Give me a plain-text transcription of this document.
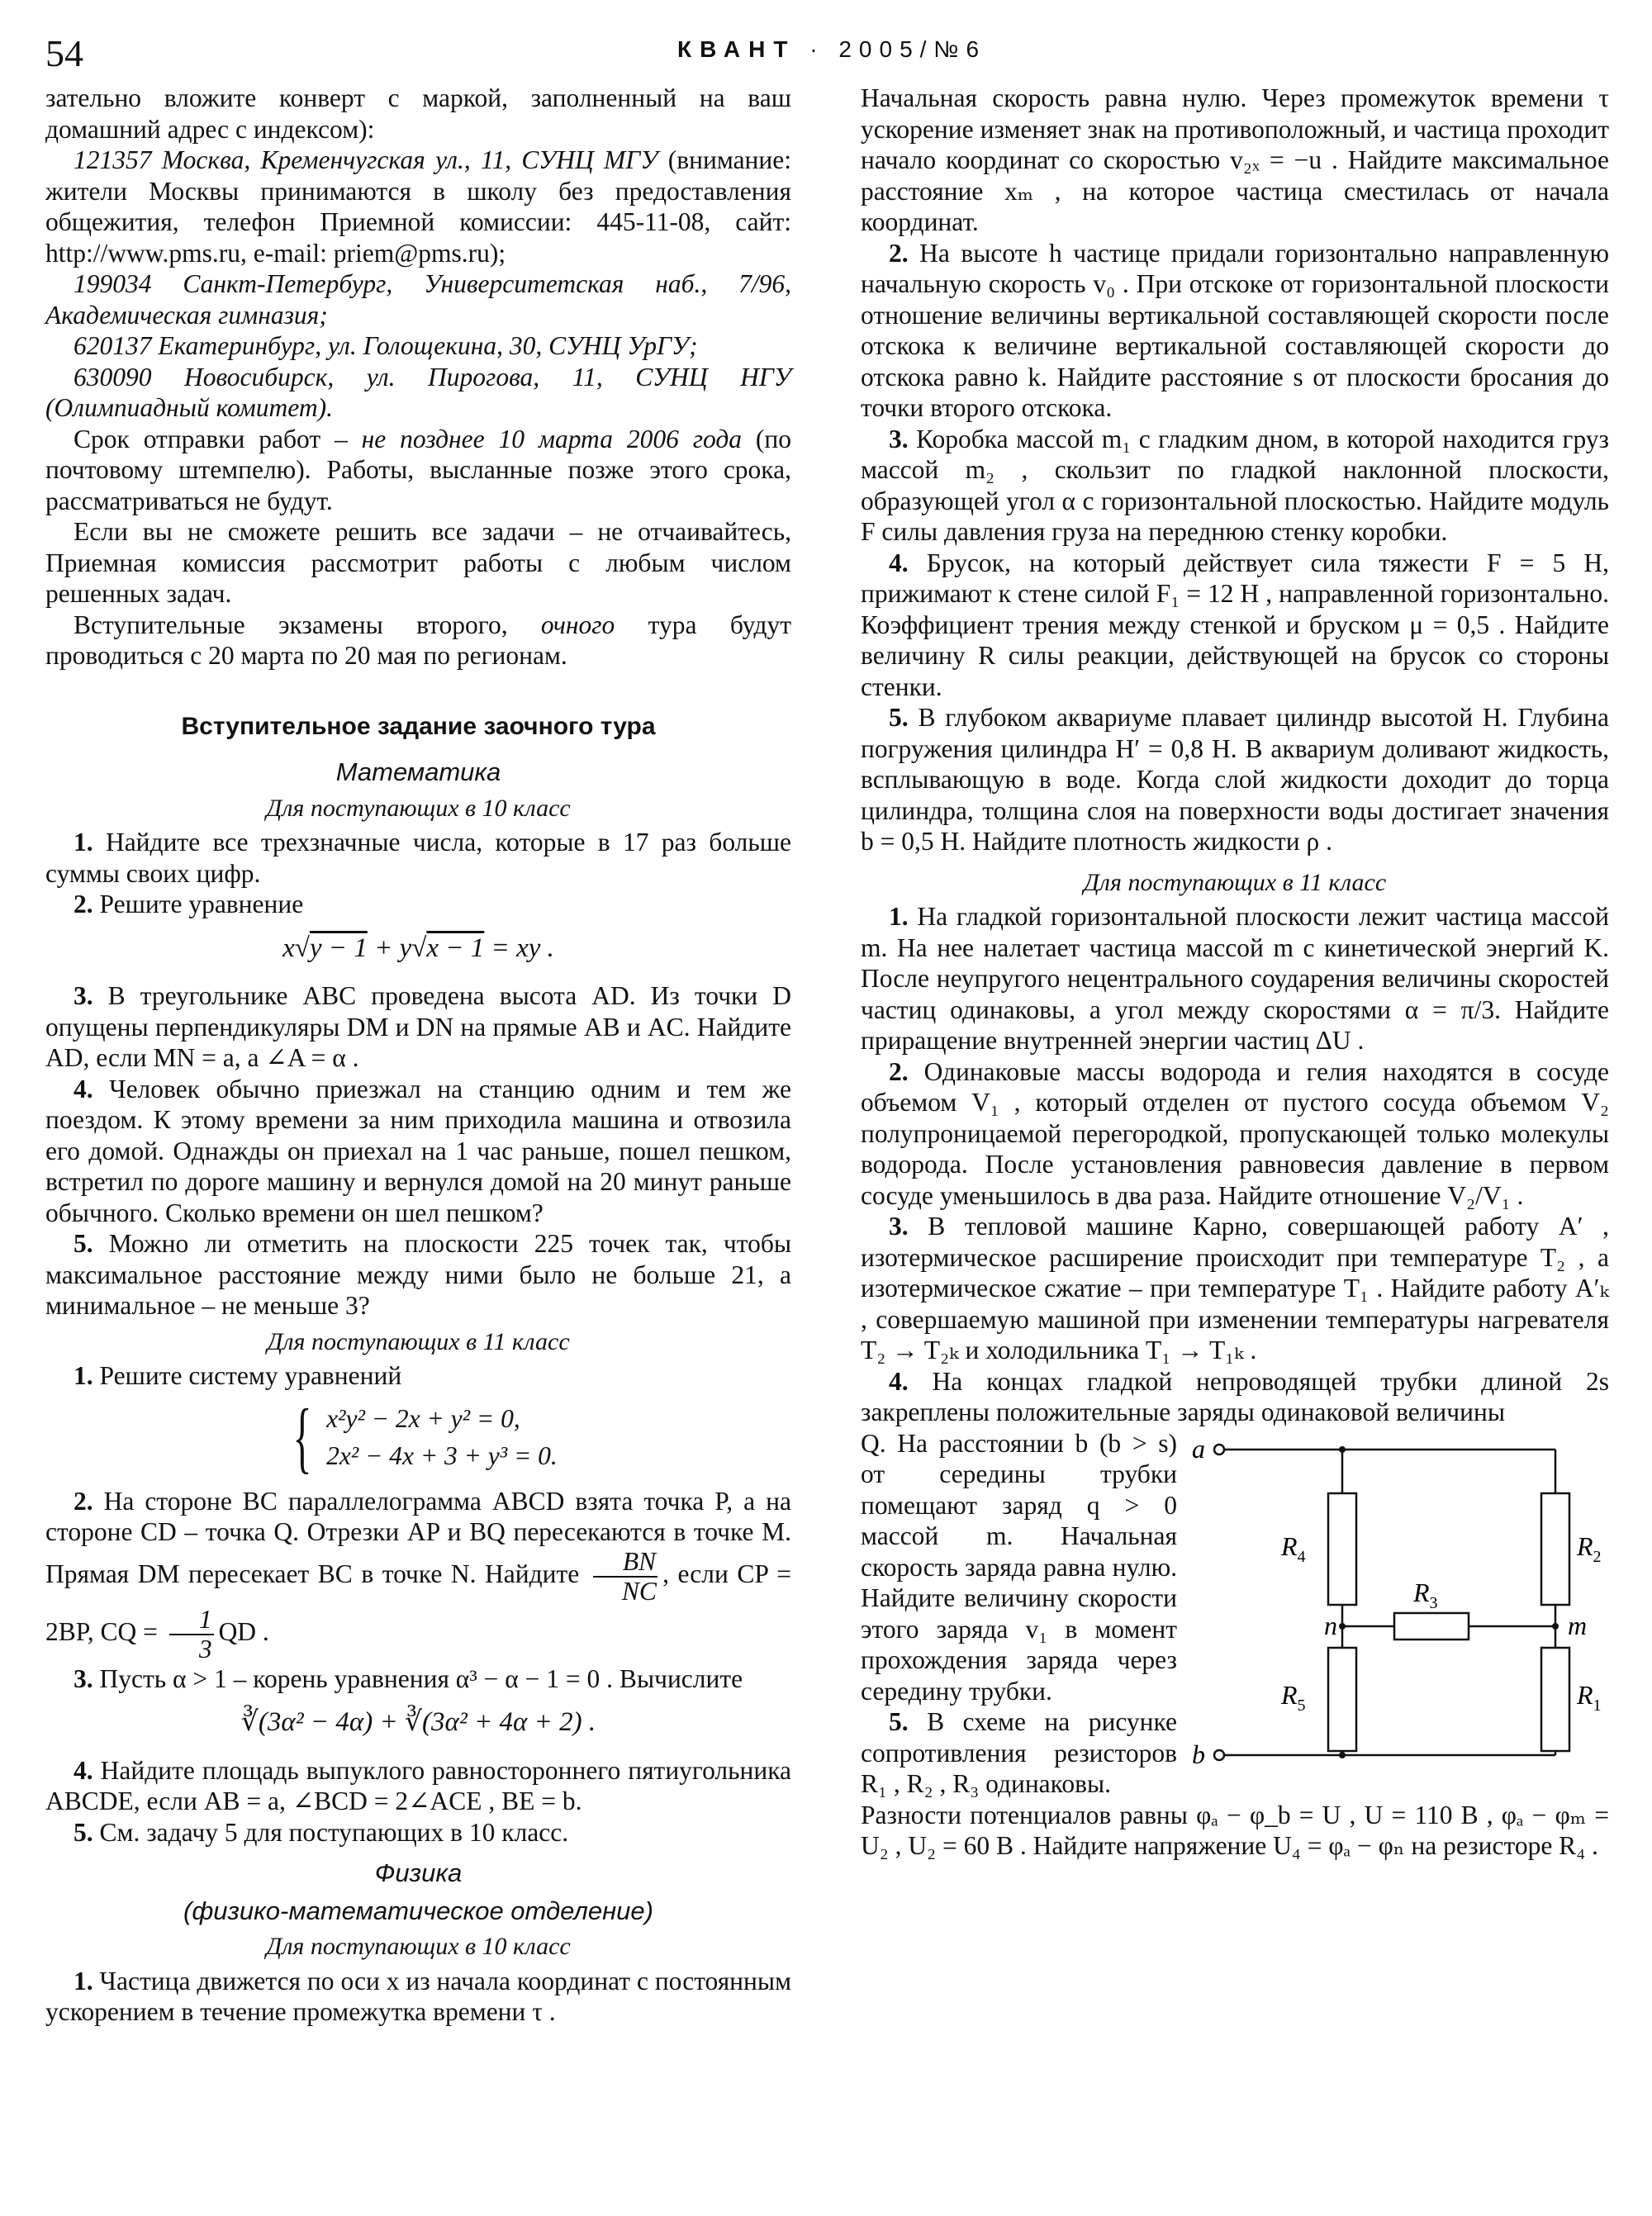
54	КВАНТ · 2005/№6

зательно вложите конверт с маркой, заполненный на ваш домашний адрес с индексом):

121357 Москва, Кременчугская ул., 11, СУНЦ МГУ (внимание: жители Москвы принимаются в школу без предоставления общежития, телефон Приемной комиссии: 445-11-08, сайт: http://www.pms.ru, e-mail: priem@pms.ru);

199034 Санкт-Петербург, Университетская наб., 7/96, Академическая гимназия;

620137 Екатеринбург, ул. Голощекина, 30, СУНЦ УрГУ;

630090 Новосибирск, ул. Пирогова, 11, СУНЦ НГУ (Олимпиадный комитет).

Срок отправки работ – не позднее 10 марта 2006 года (по почтовому штемпелю). Работы, высланные позже этого срока, рассматриваться не будут.

Если вы не сможете решить все задачи – не отчаивайтесь, Приемная комиссия рассмотрит работы с любым числом решенных задач.

Вступительные экзамены второго, очного тура будут проводиться с 20 марта по 20 мая по регионам.

Вступительное задание заочного тура
Математика
Для поступающих в 10 класс

1. Найдите все трехзначные числа, которые в 17 раз больше суммы своих цифр.

2. Решите уравнение

x√y − 1 + y√x − 1 = xy .

3. В треугольнике ABC проведена высота AD. Из точки D опущены перпендикуляры DM и DN на прямые AB и AC. Найдите AD, если MN = a, а ∠A = α .

4. Человек обычно приезжал на станцию одним и тем же поездом. К этому времени за ним приходила машина и отвозила его домой. Однажды он приехал на 1 час раньше, пошел пешком, встретил по дороге машину и вернулся домой на 20 минут раньше обычного. Сколько времени он шел пешком?

5. Можно ли отметить на плоскости 225 точек так, чтобы максимальное расстояние между ними было не больше 21, а минимальное – не меньше 3?

Для поступающих в 11 класс

1. Решите систему уравнений

{ x²y² − 2x + y² = 0,
2x² − 4x + 3 + y³ = 0.

2. На стороне BC параллелограмма ABCD взята точка P, а на стороне CD – точка Q. Отрезки AP и BQ пересекаются в точке M. Прямая DM пересекает BC в точке N. Найдите $\frac{BN}{NC}$ , если CP = 2BP, CQ = $\frac{1}{3}$ QD .

3. Пусть α > 1 – корень уравнения α³ − α − 1 = 0 . Вычислите

∛(3α² − 4α) + ∛(3α² + 4α + 2) .

4. Найдите площадь выпуклого равностороннего пятиугольника ABCDE, если AB = a, ∠BCD = 2∠ACE , BE = b.

5. См. задачу 5 для поступающих в 10 класс.

Физика
(физико-математическое отделение)
Для поступающих в 10 класс

1. Частица движется по оси x из начала координат с постоянным ускорением в течение промежутка времени τ .

Начальная скорость равна нулю. Через промежуток времени τ ускорение изменяет знак на противоположный, и частица проходит начало координат со скоростью v₂ₓ = −u . Найдите максимальное расстояние xₘ , на которое частица сместилась от начала координат.

2. На высоте h частице придали горизонтально направленную начальную скорость v₀ . При отскоке от горизонтальной плоскости отношение величины вертикальной составляющей скорости после отскока к величине вертикальной составляющей скорости до отскока равно k. Найдите расстояние s от плоскости бросания до точки второго отскока.

3. Коробка массой m₁ с гладким дном, в которой находится груз массой m₂ , скользит по гладкой наклонной плоскости, образующей угол α с горизонтальной плоскостью. Найдите модуль F силы давления груза на переднюю стенку коробки.

4. Брусок, на который действует сила тяжести F = 5 Н, прижимают к стене силой F₁ = 12 Н , направленной горизонтально. Коэффициент трения между стенкой и бруском μ = 0,5 . Найдите величину R силы реакции, действующей на брусок со стороны стенки.

5. В глубоком аквариуме плавает цилиндр высотой H. Глубина погружения цилиндра H′ = 0,8 H. В аквариум доливают жидкость, всплывающую в воде. Когда слой жидкости доходит до торца цилиндра, толщина слоя на поверхности воды достигает значения b = 0,5 H. Найдите плотность жидкости ρ .

Для поступающих в 11 класс

1. На гладкой горизонтальной плоскости лежит частица массой m. На нее налетает частица массой m с кинетической энергий K. После неупругого нецентрального соударения величины скоростей частиц одинаковы, а угол между скоростями α = π/3. Найдите приращение внутренней энергии частиц ΔU .

2. Одинаковые массы водорода и гелия находятся в сосуде объемом V₁ , который отделен от пустого сосуда объемом V₂ полупроницаемой перегородкой, пропускающей только молекулы водорода. После установления равновесия давление в первом сосуде уменьшилось в два раза. Найдите отношение V₂/V₁ .

3. В тепловой машине Карно, совершающей работу A′ , изотермическое расширение происходит при температуре T₂ , а изотермическое сжатие – при температуре T₁ . Найдите работу A′ₖ , совершаемую машиной при изменении температуры нагревателя T₂ → T₂ₖ и холодильника T₁ → T₁ₖ .

4. На концах гладкой непроводящей трубки длиной 2s закреплены положительные заряды одинаковой величины

a
b
n	m
$R_4$
$R_5$
$R_2$
$R_1$
$R_3$

Q. На расстоянии b (b > s) от середины трубки помещают заряд q > 0 массой m. Начальная скорость заряда равна нулю. Найдите величину скорости этого заряда v₁ в момент прохождения заряда через середину трубки.

5. В схеме на рисунке сопротивления резисторов R₁ , R₂ , R₃ одинаковы.

Разности потенциалов равны φₐ − φ_b = U , U = 110 В , φₐ − φₘ = U₂ , U₂ = 60 В . Найдите напряжение U₄ = φₐ − φₙ на резисторе R₄ .
